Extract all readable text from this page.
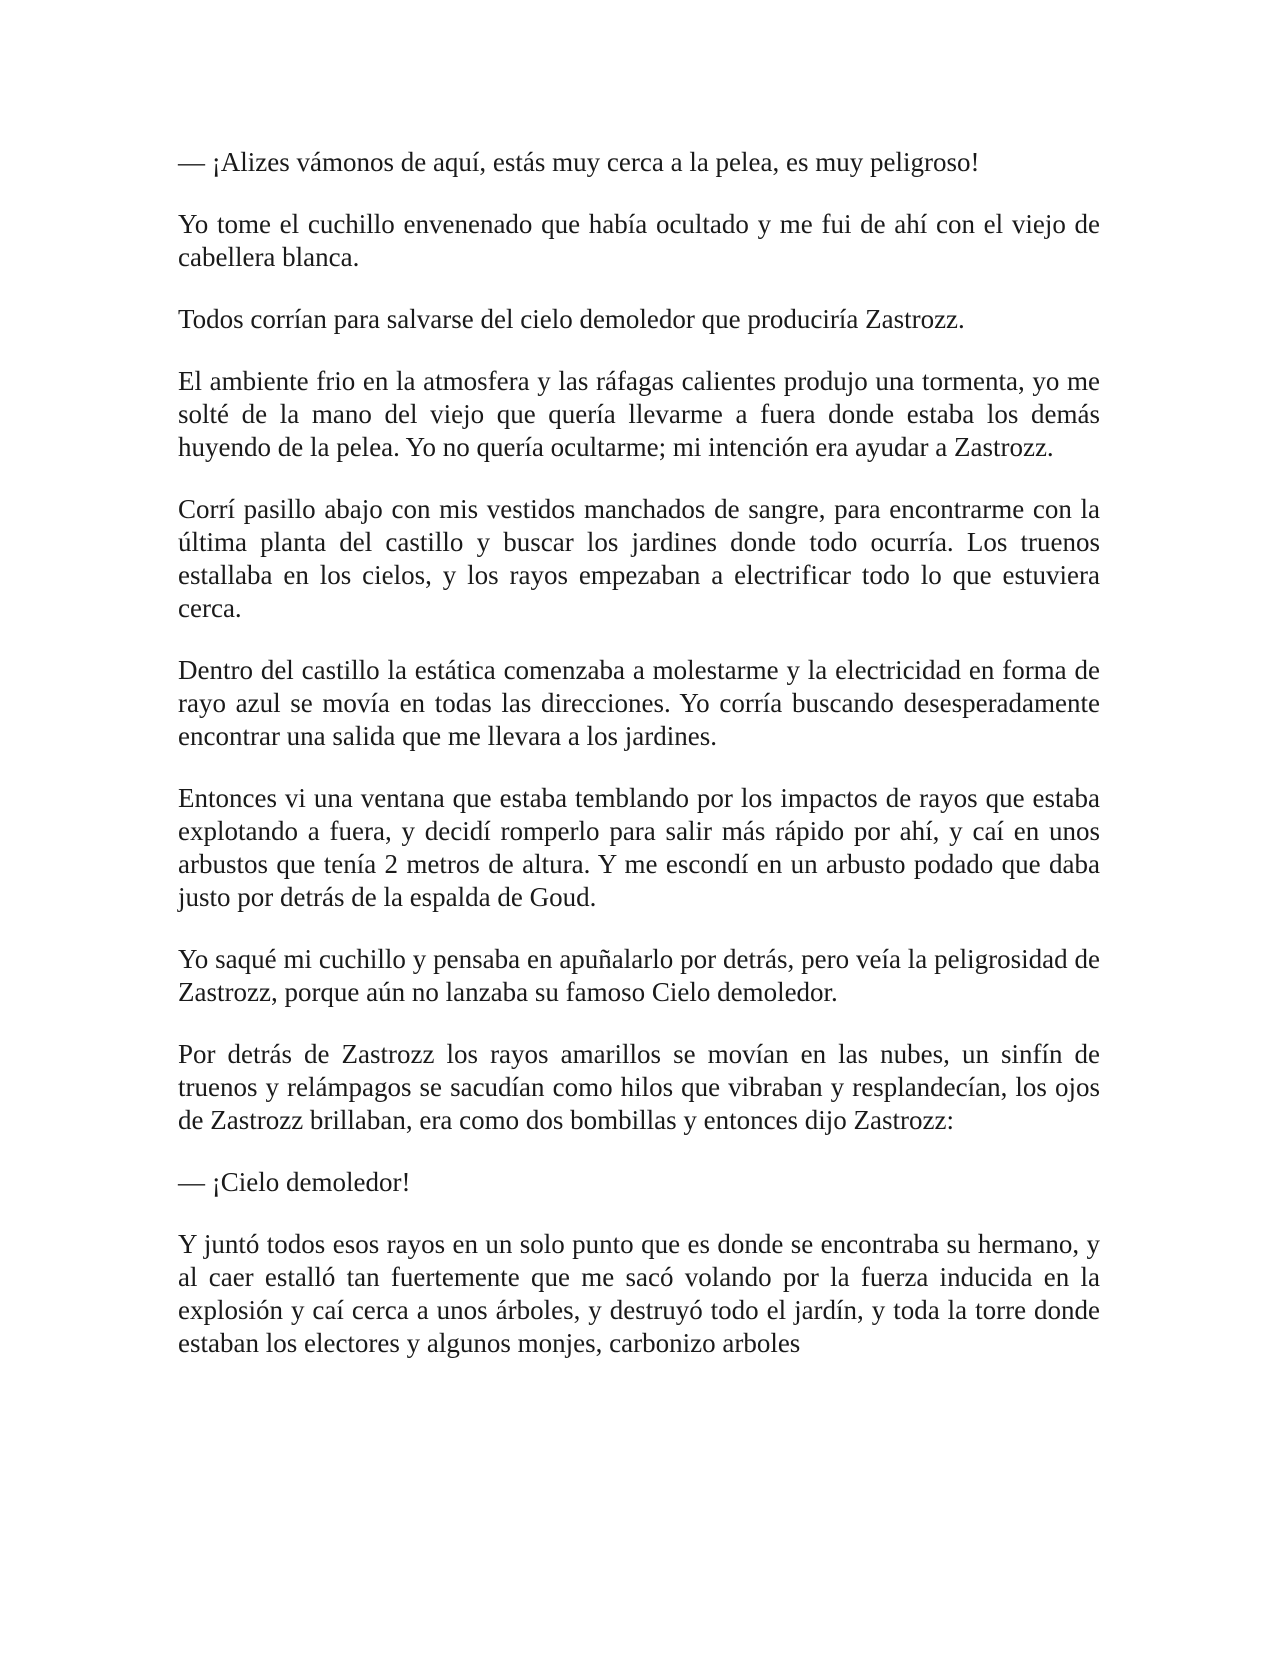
— ¡Alizes vámonos de aquí, estás muy cerca a la pelea, es muy peligroso!

Yo tome el cuchillo envenenado que había ocultado y me fui de ahí con el viejo de cabellera blanca.

Todos corrían para salvarse del cielo demoledor que produciría Zastrozz.

El ambiente frio en la atmosfera y las ráfagas calientes produjo una tormenta, yo me solté de la mano del viejo que quería llevarme a fuera donde estaba los demás huyendo de la pelea. Yo no quería ocultarme; mi intención era ayudar a Zastrozz.

Corrí pasillo abajo con mis vestidos manchados de sangre, para encontrarme con la última planta del castillo y buscar los jardines donde todo ocurría. Los truenos estallaba en los cielos, y los rayos empezaban a electrificar todo lo que estuviera cerca.

Dentro del castillo la estática comenzaba a molestarme y la electricidad en forma de rayo azul se movía en todas las direcciones. Yo corría buscando desesperadamente encontrar una salida que me llevara a los jardines.

Entonces vi una ventana que estaba temblando por los impactos de rayos que estaba explotando a fuera, y decidí romperlo para salir más rápido por ahí, y caí en unos arbustos que tenía 2 metros de altura. Y me escondí en un arbusto podado que daba justo por detrás de la espalda de Goud.

Yo saqué mi cuchillo y pensaba en apuñalarlo por detrás, pero veía la peligrosidad de Zastrozz, porque aún no lanzaba su famoso Cielo demoledor.

Por detrás de Zastrozz los rayos amarillos se movían en las nubes, un sinfín de truenos y relámpagos se sacudían como hilos que vibraban y resplandecían, los ojos de Zastrozz brillaban, era como dos bombillas y entonces dijo Zastrozz:

— ¡Cielo demoledor!

Y juntó todos esos rayos en un solo punto que es donde se encontraba su hermano, y al caer estalló tan fuertemente que me sacó volando por la fuerza inducida en la explosión y caí cerca a unos árboles, y destruyó todo el jardín, y toda la torre donde estaban los electores y algunos monjes, carbonizo arboles
